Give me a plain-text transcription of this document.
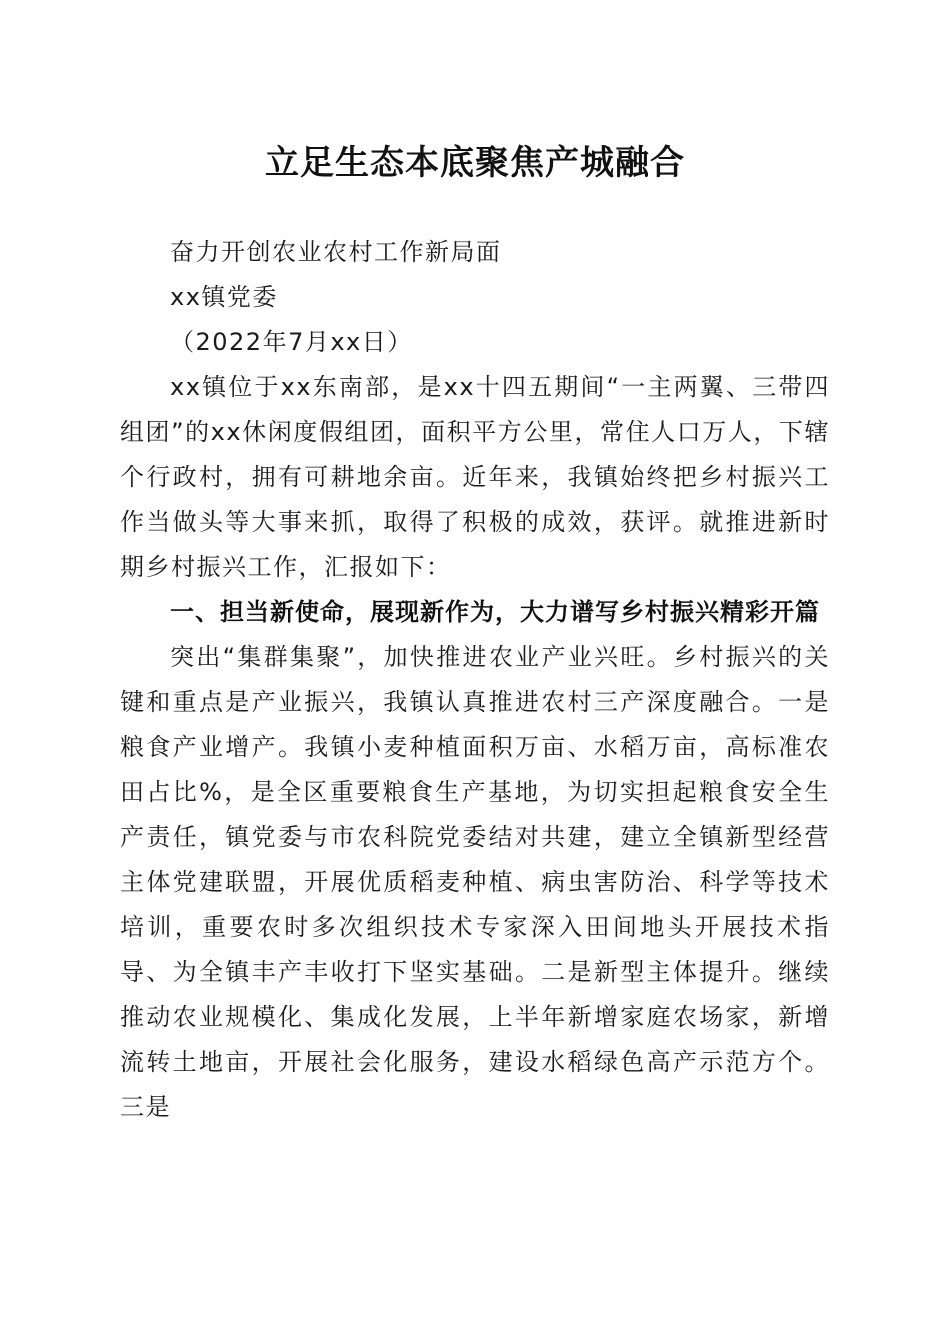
立足生态本底聚焦产城融合

奋力开创农业农村工作新局面

xx镇党委

（2022年7月xx日）

xx镇位于xx东南部，是xx十四五期间“一主两翼、三带四组团”的xx休闲度假组团，面积平方公里，常住人口万人，下辖个行政村，拥有可耕地余亩。近年来，我镇始终把乡村振兴工作当做头等大事来抓，取得了积极的成效，获评。就推进新时期乡村振兴工作，汇报如下：

一、担当新使命，展现新作为，大力谱写乡村振兴精彩开篇

突出“集群集聚”，加快推进农业产业兴旺。乡村振兴的关键和重点是产业振兴，我镇认真推进农村三产深度融合。一是粮食产业增产。我镇小麦种植面积万亩、水稻万亩，高标准农田占比%，是全区重要粮食生产基地，为切实担起粮食安全生产责任，镇党委与市农科院党委结对共建，建立全镇新型经营主体党建联盟，开展优质稻麦种植、病虫害防治、科学等技术培训，重要农时多次组织技术专家深入田间地头开展技术指导、为全镇丰产丰收打下坚实基础。二是新型主体提升。继续推动农业规模化、集成化发展，上半年新增家庭农场家，新增流转土地亩，开展社会化服务，建设水稻绿色高产示范方个。三是
